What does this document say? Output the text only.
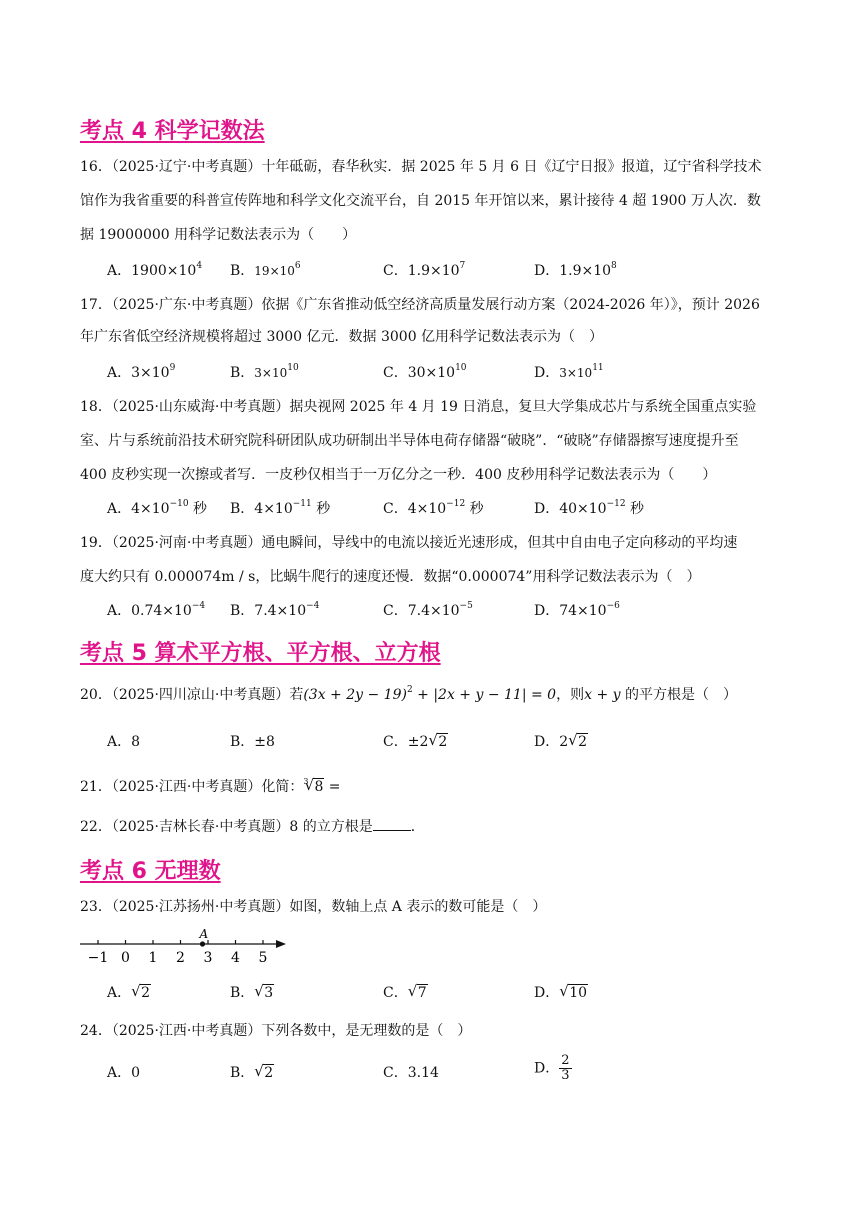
考点 4 科学记数法
16．（2025·辽宁·中考真题）十年砥砺，春华秋实．据 2025 年 5 月 6 日《辽宁日报》报道，辽宁省科学技术
馆作为我省重要的科普宣传阵地和科学文化交流平台，自 2015 年开馆以来，累计接待 4 超 1900 万人次．数
据 19000000 用科学记数法表示为（　　）
A．$1900\times 10^4$ B．$19\times 10^6$	C．$1.9\times 10^7$	D．$1.9\times 10^8$
17．（2025·广东·中考真题）依据《广东省推动低空经济高质量发展行动方案（2024-2026 年）》，预计 2026
年广东省低空经济规模将超过 3000 亿元．数据 3000 亿用科学记数法表示为（　）
A．$3\times 10^9$	B．$3\times 10^{10}$	C．$30\times 10^{10}$	D．$3\times 10^{11}$
18．（2025·山东威海·中考真题）据央视网 2025 年 4 月 19 日消息，复旦大学集成芯片与系统全国重点实验
室、片与系统前沿技术研究院科研团队成功研制出半导体电荷存储器“破晓”．“破晓”存储器擦写速度提升至
400 皮秒实现一次擦或者写．一皮秒仅相当于一万亿分之一秒．400 皮秒用科学记数法表示为（　　）
A．$4\times 10^{-10}$ 秒 B．$4\times 10^{-11}$ 秒	C．$4\times 10^{-12}$ 秒	D．$40\times 10^{-12}$ 秒
19．（2025·河南·中考真题）通电瞬间，导线中的电流以接近光速形成，但其中自由电子定向移动的平均速
度大约只有 0.000074m / s，比蜗牛爬行的速度还慢．数据“0.000074”用科学记数法表示为（　）
A．$0.74\times 10^{-4}$ B．$7.4\times 10^{-4}$	C．$7.4\times 10^{-5}$	D．$74\times 10^{-6}$
考点 5 算术平方根、平方根、立方根
20．（2025·四川凉山·中考真题）若$(3x + 2y - 19)^2 + |2x + y - 11| = 0$，则x + y 的平方根是（　）
A．8	B．±8	C．±2 √ 2	D．2 √ 2
21．（2025·江西·中考真题）化简：$^3$ √ 8 =
22．（2025·吉林长春·中考真题）8 的立方根是	．
考点 6 无理数
23．（2025·江苏扬州·中考真题）如图，数轴上点 A 表示的数可能是（　）
−1 0 1 2 3 4 5
A
A． √ 2	B． √ 3	C． √ 7	D． √ 10
24．（2025·江西·中考真题）下列各数中，是无理数的是（　）
A．0	B． √ 2	C．3.14	D． $\frac{2}{3}$
